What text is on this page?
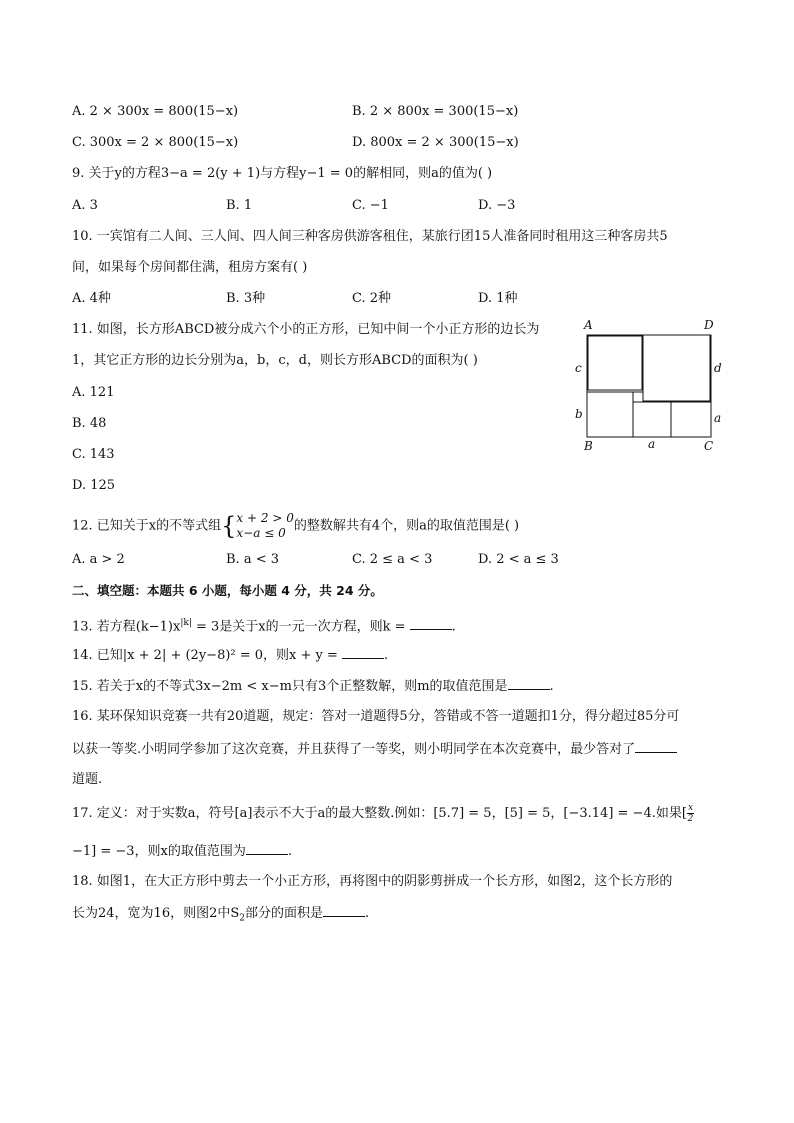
A. 2 × 300x = 800(15−x)	B. 2 × 800x = 300(15−x)
C. 300x = 2 × 800(15−x)	D. 800x = 2 × 300(15−x)
9. 关于y的方程3−a = 2(y + 1)与方程y−1 = 0的解相同，则a的值为( )
A. 3	B. 1	C. −1	D. −3
10. 一宾馆有二人间、三人间、四人间三种客房供游客租住，某旅行团15人准备同时租用这三种客房共5
间，如果每个房间都住满，租房方案有( )
A. 4种	B. 3种	C. 2种	D. 1种
11. 如图，长方形ABCD被分成六个小的正方形，已知中间一个小正方形的边长为
1，其它正方形的边长分别为a，b，c，d，则长方形ABCD的面积为( )
A. 121
B. 48
C. 143
D. 125
A	D
B	C
c	d
b	a
a
12. 已知关于x的不等式组{ x + 2 > 0
x−a ≤ 0 的整数解共有4个，则a的取值范围是( )
A. a > 2	B. a < 3	C. 2 ≤ a < 3	D. 2 < a ≤ 3
二、填空题：本题共 6 小题，每小题 4 分，共 24 分。
13. 若方程$(k-1)x^{|k|} = 3$是关于x的一元一次方程，则k =	.
14. 已知|x + 2| + (2y−8)² = 0，则x + y =	.
15. 若关于x的不等式3x−2m < x−m只有3个正整数解，则m的取值范围是	.
16. 某环保知识竞赛一共有20道题，规定：答对一道题得5分，答错或不答一道题扣1分，得分超过85分可
以获一等奖.小明同学参加了这次竞赛，并且获得了一等奖，则小明同学在本次竞赛中，最少答对了
道题.
17. 定义：对于实数a，符号[a]表示不大于a的最大整数.例如：[5.7] = 5，[5] = 5，[−3.14] = −4.如果[ $\frac{x}{2}$
−1] = −3，则x的取值范围为	.
18. 如图1，在大正方形中剪去一个小正方形，再将图中的阴影剪拼成一个长方形，如图2，这个长方形的
长为24，宽为16，则图2中$S_2$部分的面积是	.
